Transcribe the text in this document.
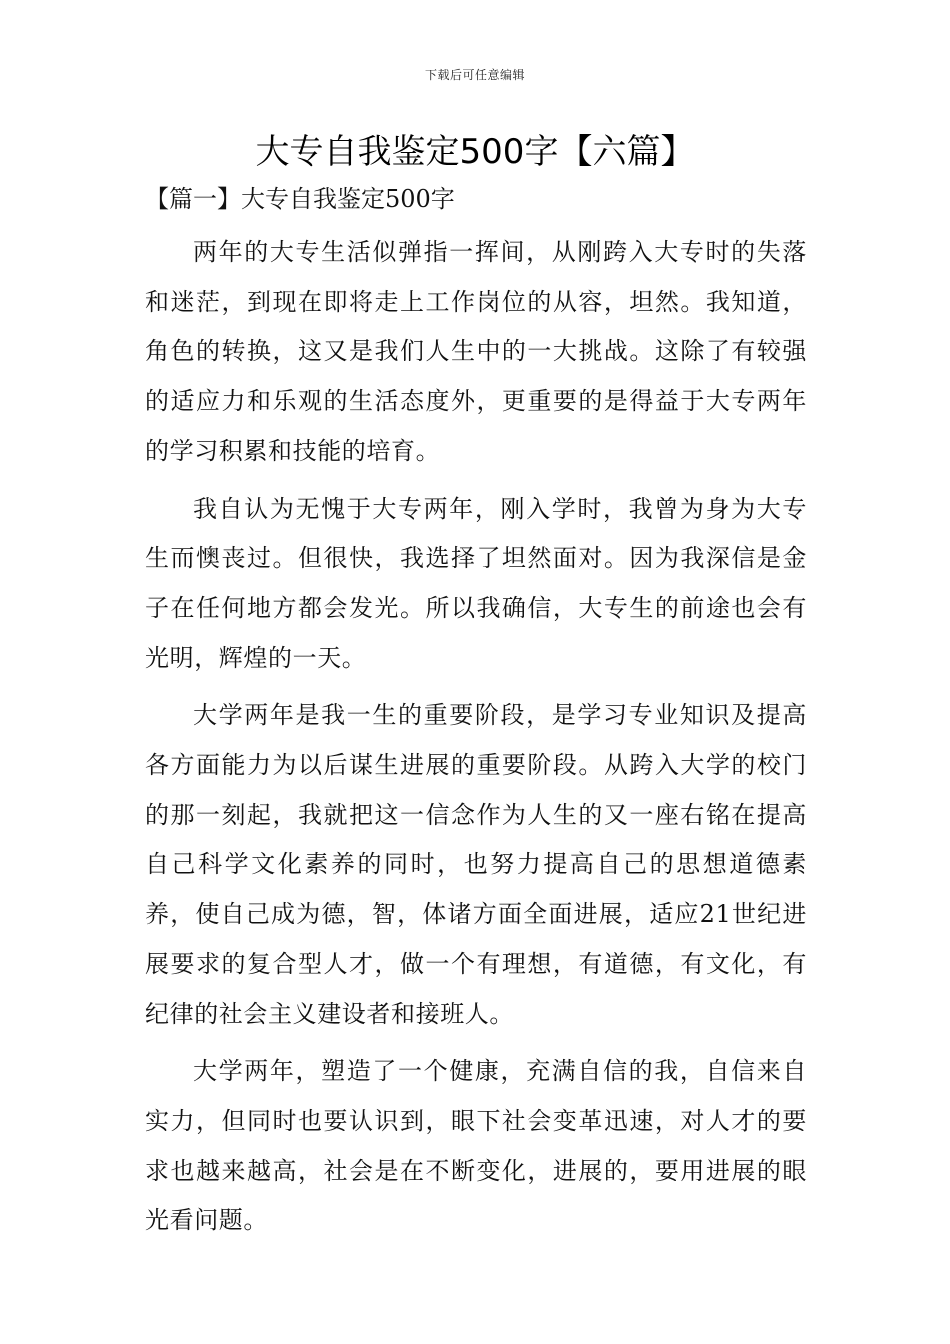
下载后可任意编辑
大专自我鉴定500字【六篇】
【篇一】大专自我鉴定500字

两年的大专生活似弹指一挥间，从刚跨入大专时的失落和迷茫，到现在即将走上工作岗位的从容，坦然。我知道，角色的转换，这又是我们人生中的一大挑战。这除了有较强的适应力和乐观的生活态度外，更重要的是得益于大专两年的学习积累和技能的培育。

我自认为无愧于大专两年，刚入学时，我曾为身为大专生而懊丧过。但很快，我选择了坦然面对。因为我深信是金子在任何地方都会发光。所以我确信，大专生的前途也会有光明，辉煌的一天。

大学两年是我一生的重要阶段，是学习专业知识及提高各方面能力为以后谋生进展的重要阶段。从跨入大学的校门的那一刻起，我就把这一信念作为人生的又一座右铭在提高自己科学文化素养的同时，也努力提高自己的思想道德素养，使自己成为德，智，体诸方面全面进展，适应21世纪进展要求的复合型人才，做一个有理想，有道德，有文化，有纪律的社会主义建设者和接班人。

大学两年，塑造了一个健康，充满自信的我，自信来自实力，但同时也要认识到，眼下社会变革迅速，对人才的要求也越来越高，社会是在不断变化，进展的，要用进展的眼光看问题。
